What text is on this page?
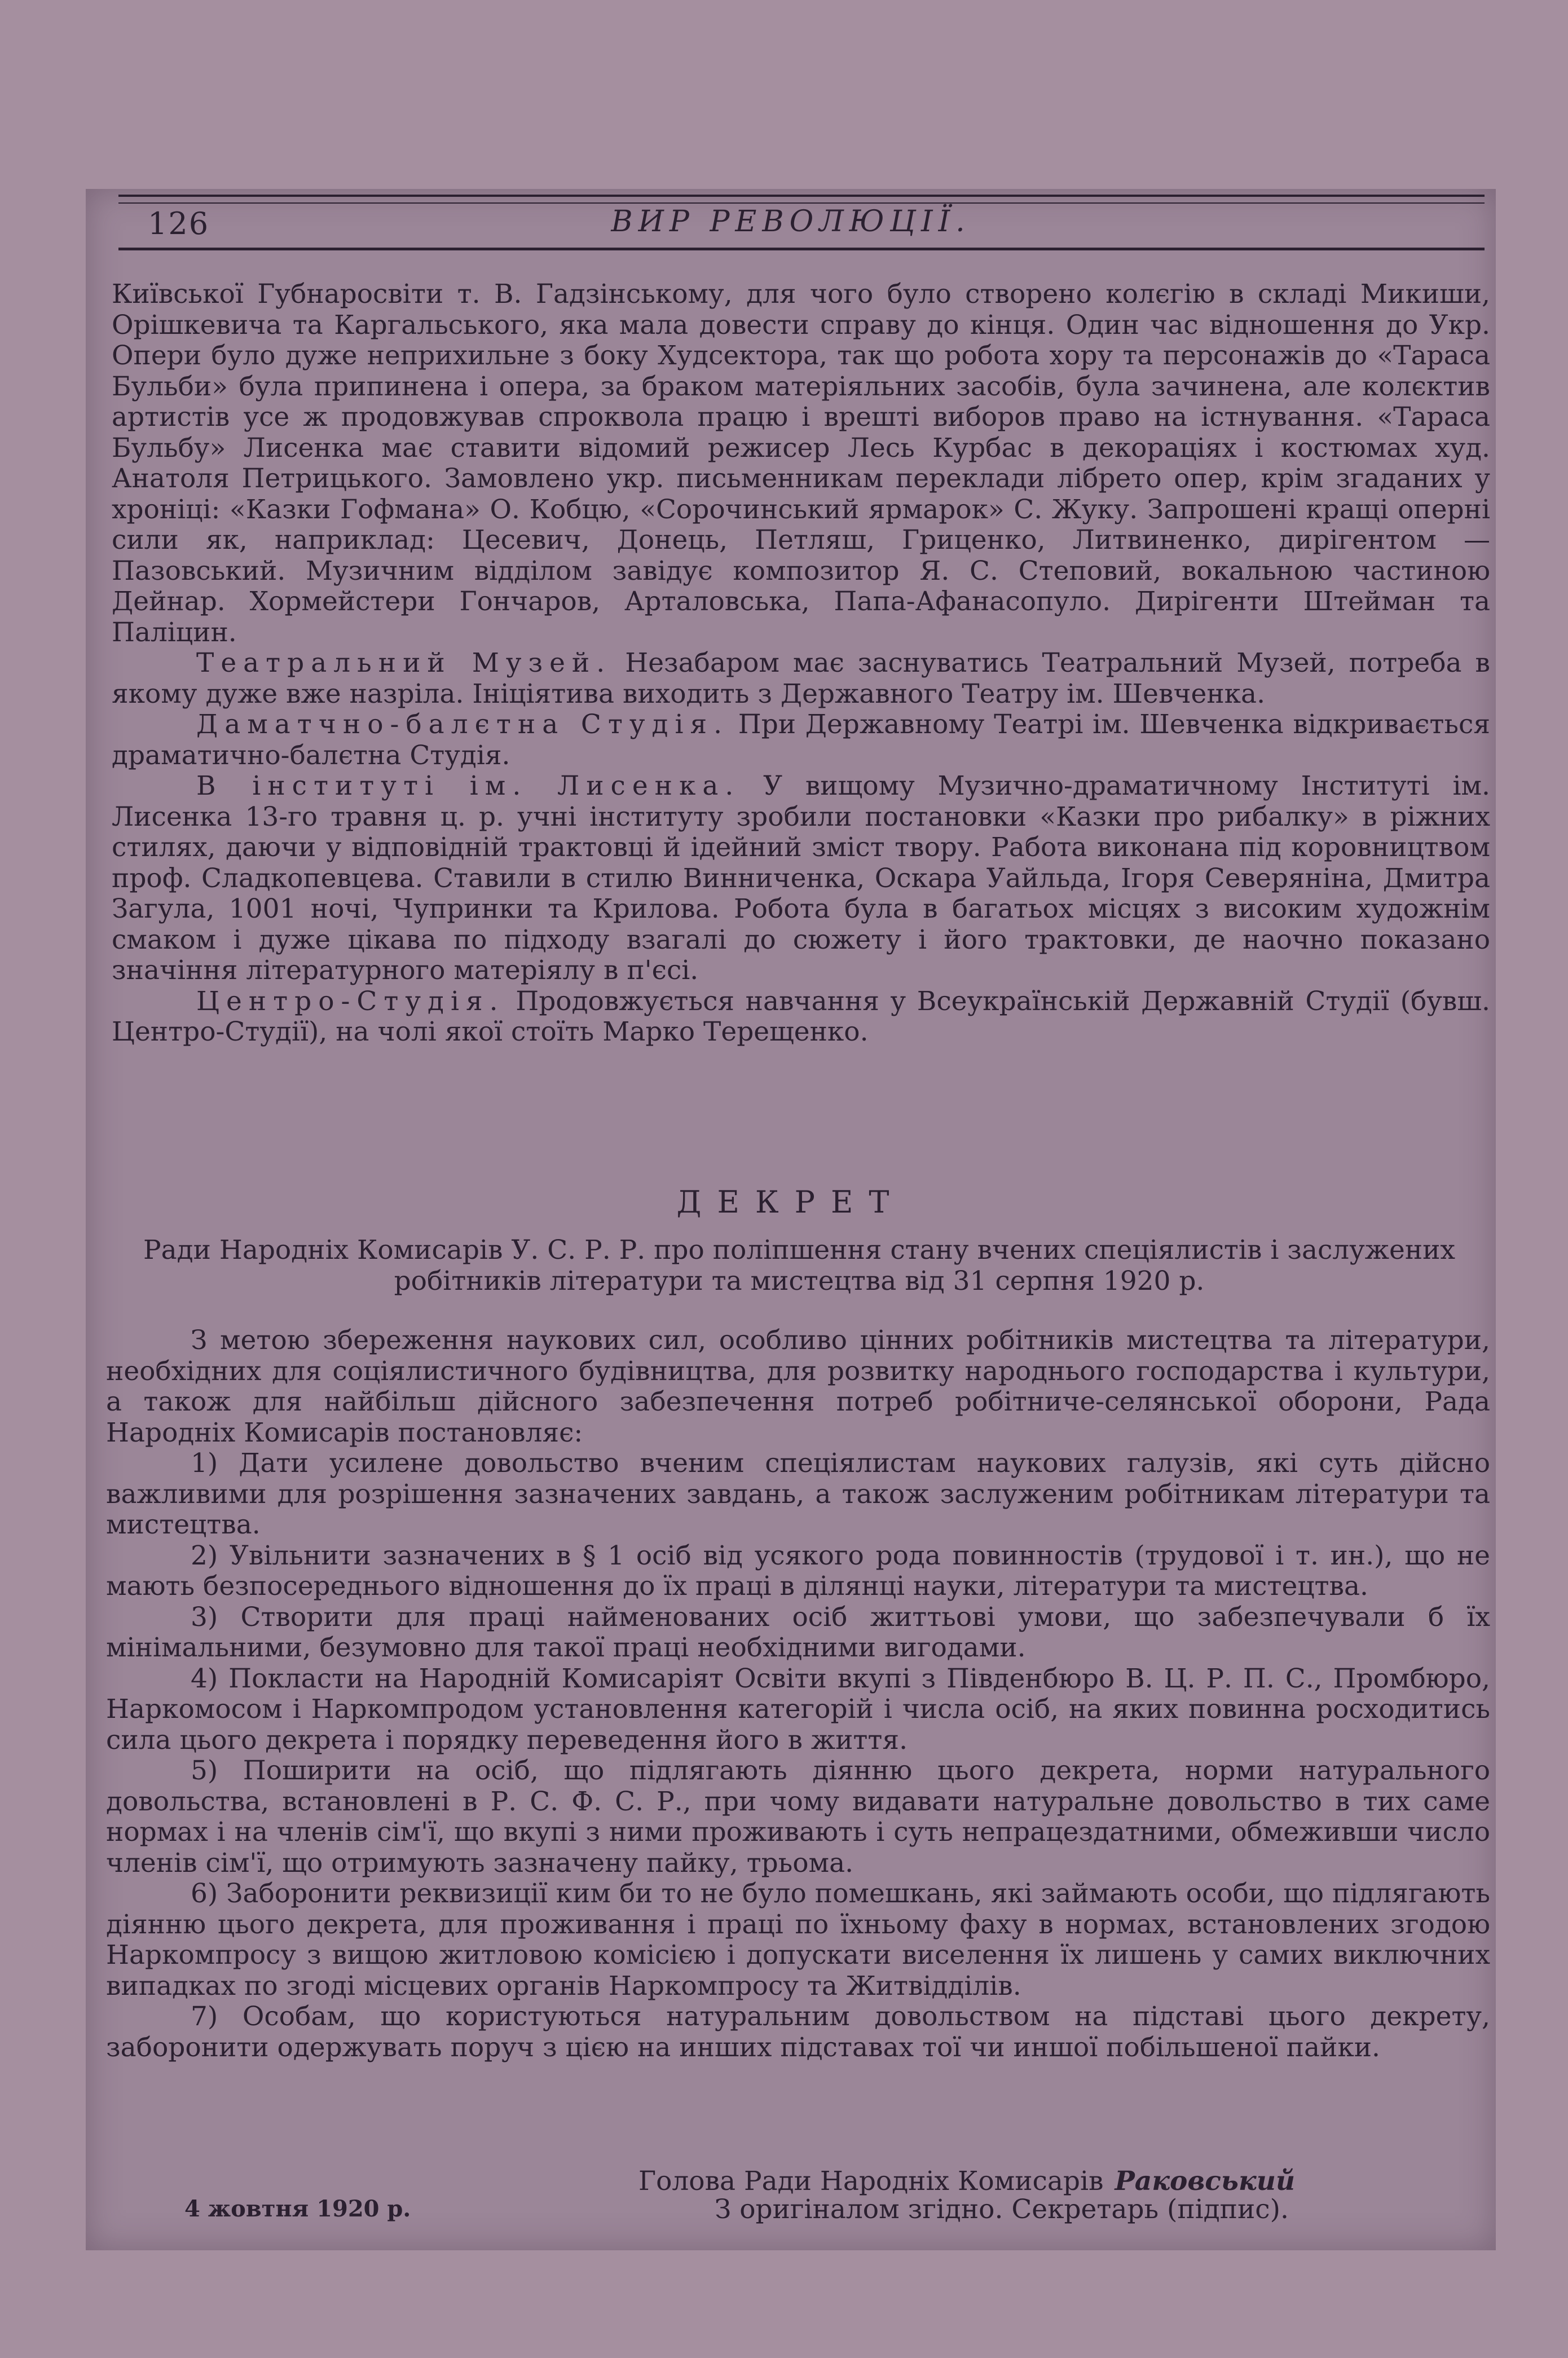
126	ВИР РЕВОЛЮЦІЇ.

Київської Губнаросвіти т. В. Гадзінському, для чого було створено колєгію в складі Микиши, Орішкевича та Каргальського, яка мала довести справу до кінця. Один час відношення до Укр. Опери було дуже неприхильне з боку Худсектора, так що робота хору та персонажів до «Тараса Бульби» була припинена і опера, за браком матеріяльних засобів, була зачинена, але колєктив артистів усе ж продовжував спроквола працю і врешті виборов право на істнування. «Тараса Бульбу» Лисенка має ставити відомий режисер Лесь Курбас в декораціях і костюмах худ. Анатоля Петрицького. Замовлено укр. письменникам переклади лібрето опер, крім згаданих у хроніці: «Казки Гофмана» О. Кобцю, «Сорочинський ярмарок» С. Жуку. Запрошені кращі оперні сили як, наприклад: Цесевич, Донець, Петляш, Гриценко, Литвиненко, дирігентом — Пазовський. Музичним відділом завідує композитор Я. С. Степовий, вокальною частиною Дейнар. Хормейстери Гончаров, Арталовська, Папа-Афанасопуло. Дирігенти Штейман та Паліцин.

Театральний Музей. Незабаром має заснуватись Театральний Музей, потреба в якому дуже вже назріла. Ініціятива виходить з Державного Театру ім. Шевченка.

Даматчно-балєтна Студія. При Державному Театрі ім. Шевченка відкривається драматично-балєтна Студія.

В інституті ім. Лисенка. У вищому Музично-драматичному Інституті ім. Лисенка 13-го травня ц. р. учні інституту зробили постановки «Казки про рибалку» в ріжних стилях, даючи у відповідній трактовці й ідейний зміст твору. Работа виконана під коровництвом проф. Сладкопевцева. Ставили в стилю Винниченка, Оскара Уайльда, Ігоря Северяніна, Дмитра Загула, 1001 ночі, Чупринки та Крилова. Робота була в багатьох місцях з високим художнім смаком і дуже цікава по підходу взагалі до сюжету і його трактовки, де наочно показано значіння літературного матеріялу в п'єсі.

Центро-Студія. Продовжується навчання у Всеукраїнській Державній Студії (бувш. Центро-Студії), на чолі якої стоїть Марко Терещенко.

ДЕКРЕТ
Ради Народніх Комисарів У. С. Р. Р. про поліпшення стану вчених спеціялистів і заслужених робітників літератури та мистецтва від 31 серпня 1920 р.

З метою збереження наукових сил, особливо цінних робітників мистецтва та літератури, необхідних для соціялистичного будівництва, для розвитку народнього господарства і культури, а також для найбільш дійсного забезпечення потреб робітниче-селянської оборони, Рада Народніх Комисарів постановляє:

1) Дати усилене довольство вченим спеціялистам наукових галузів, які суть дійсно важливими для розрішення зазначених завдань, а також заслуженим робітникам літератури та мистецтва.

2) Увільнити зазначених в § 1 осіб від усякого рода повинностів (трудової і т. ин.), що не мають безпосереднього відношення до їх праці в ділянці науки, літератури та мистецтва.

3) Створити для праці найменованих осіб життьові умови, що забезпечували б їх мінімальними, безумовно для такої праці необхідними вигодами.

4) Покласти на Народній Комисаріят Освіти вкупі з Південбюро В. Ц. Р. П. С., Промбюро, Наркомосом і Наркомпродом установлення категорій і числа осіб, на яких повинна росходитись сила цього декрета і порядку переведення його в життя.

5) Поширити на осіб, що підлягають діянню цього декрета, норми натурального довольства, встановлені в Р. С. Ф. С. Р., при чому видавати натуральне довольство в тих саме нормах і на членів сім'ї, що вкупі з ними проживають і суть непрацездатними, обмеживши число членів сім'ї, що отримують зазначену пайку, трьома.

6) Заборонити реквизиції ким би то не було помешкань, які займають особи, що підлягають діянню цього декрета, для проживання і праці по їхньому фаху в нормах, встановлених згодою Наркомпросу з вищою житловою комісією і допускати виселення їх лишень у самих виключних випадках по згоді місцевих органів Наркомпросу та Житвідділів.

7) Особам, що користуються натуральним довольством на підставі цього декрету, заборонити одержувать поруч з цією на инших підставах тої чи иншої побільшеної пайки.

Голова Ради Народніх Комисарів Раковський
4 жовтня 1920 р.	З оригіналом згідно. Секретарь (підпис).
